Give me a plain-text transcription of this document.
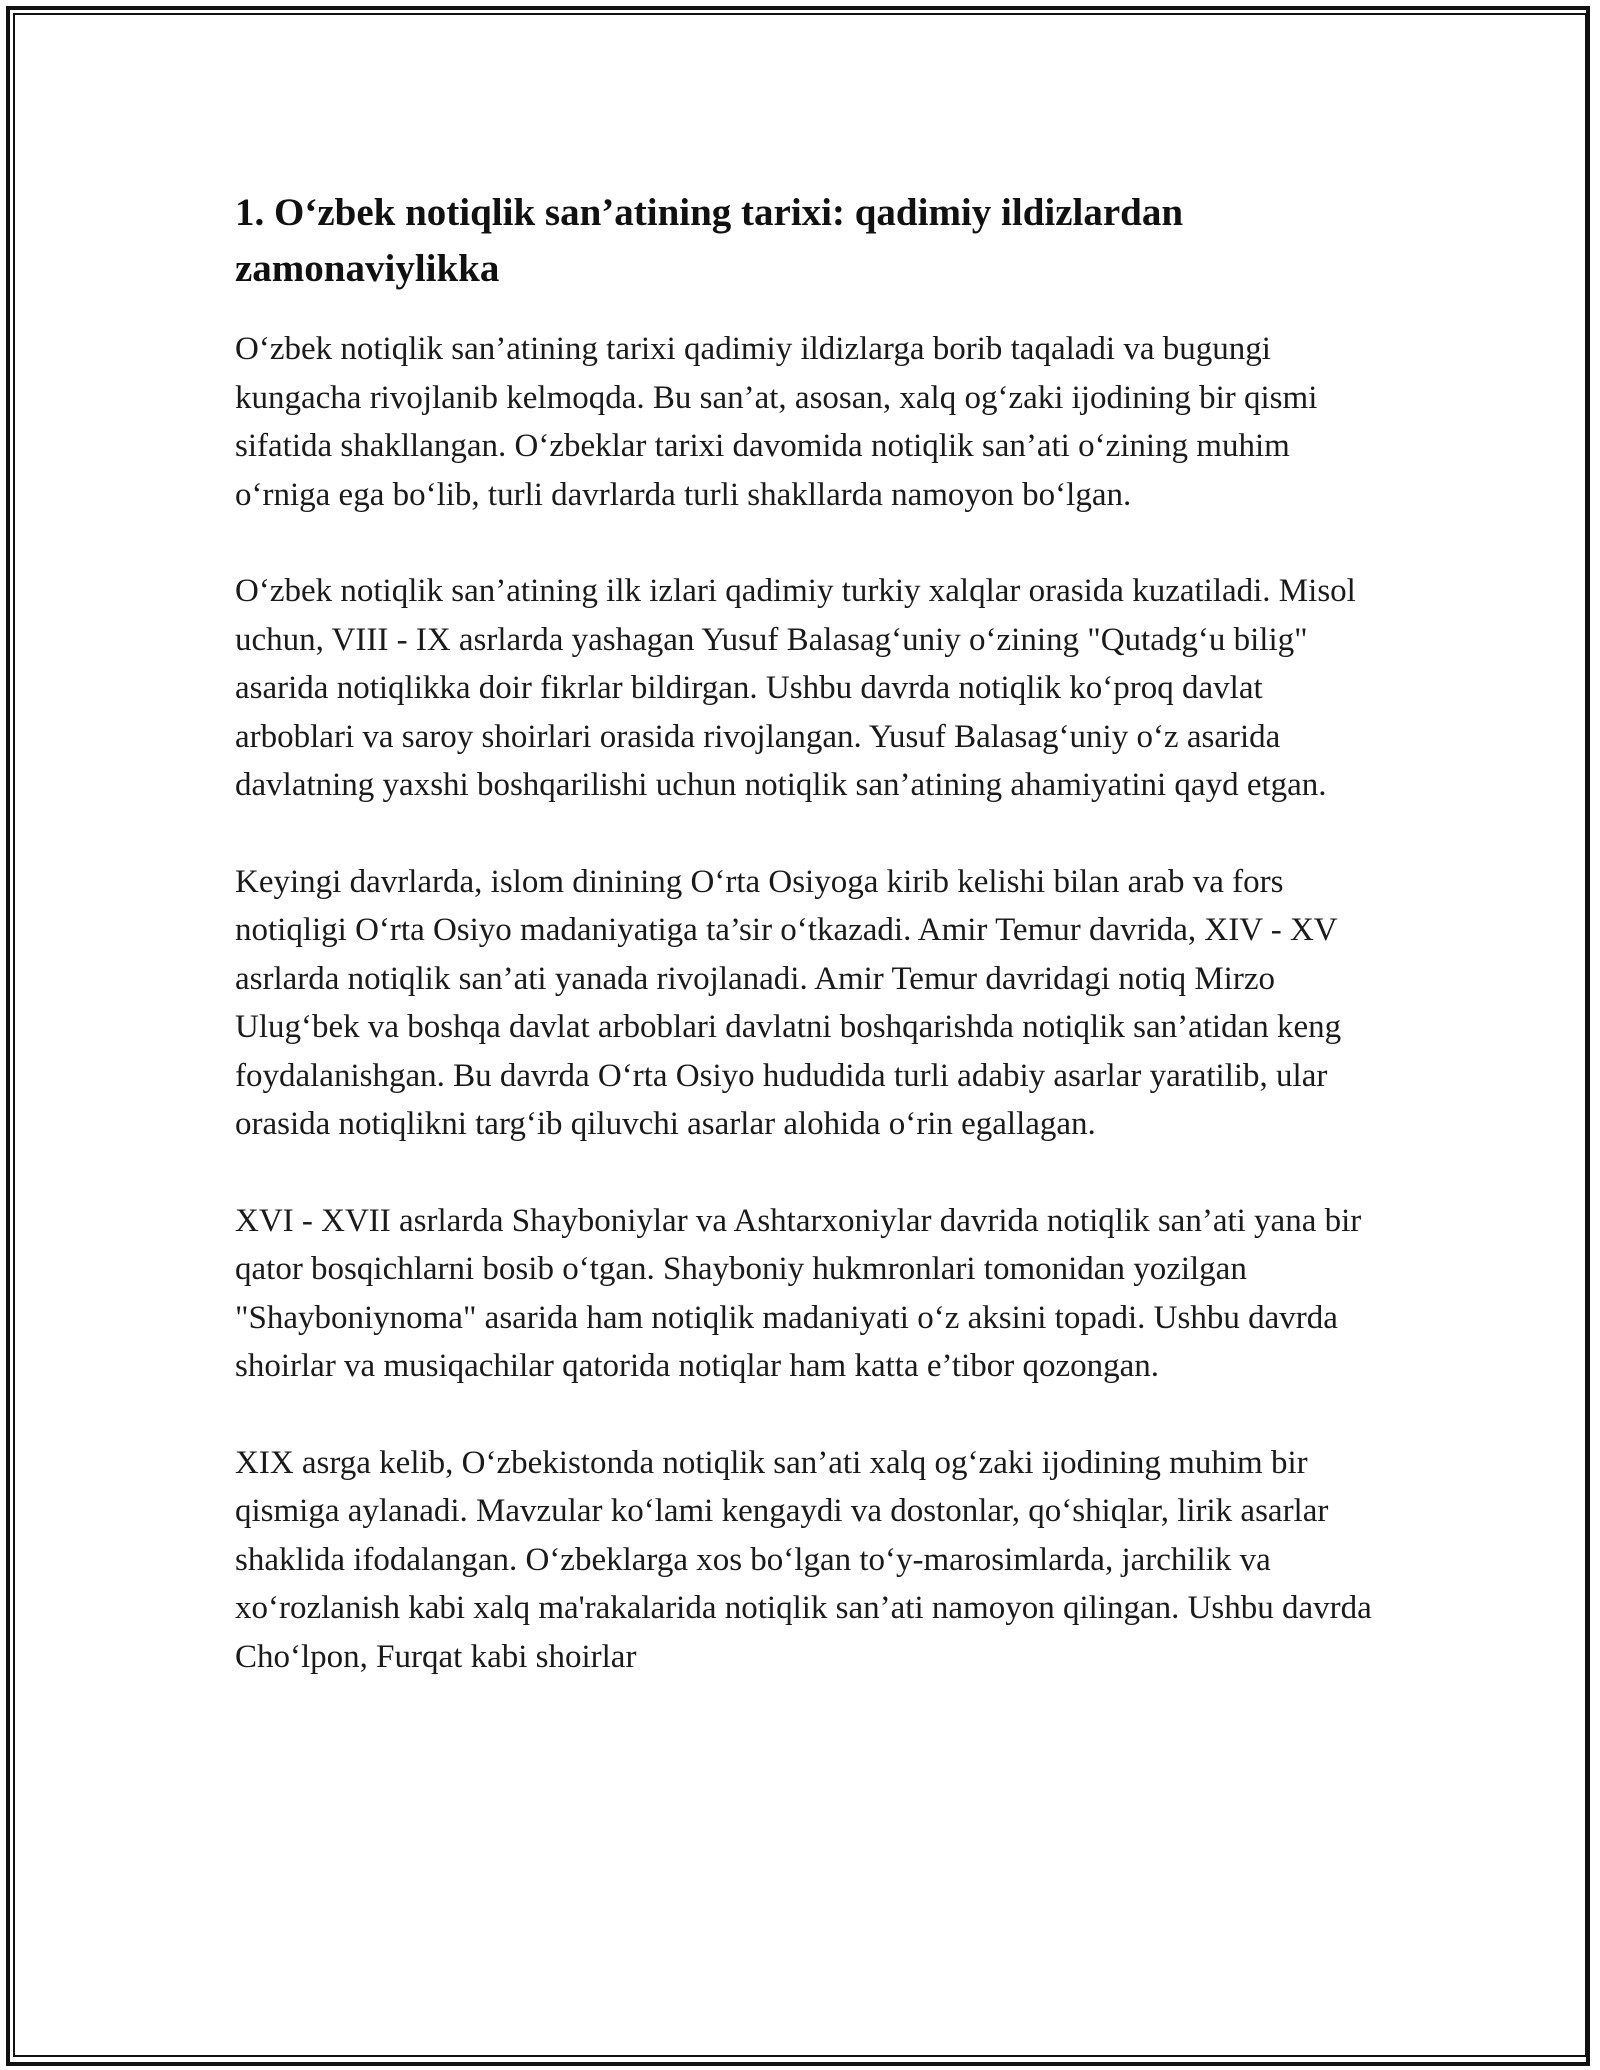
1. O‘zbek notiqlik san’atining tarixi: qadimiy ildizlardan zamonaviylikka

O‘zbek notiqlik san’atining tarixi qadimiy ildizlarga borib taqaladi va bugungi kungacha rivojlanib kelmoqda. Bu san’at, asosan, xalq og‘zaki ijodining bir qismi sifatida shakllangan. O‘zbeklar tarixi davomida notiqlik san’ati o‘zining muhim o‘rniga ega bo‘lib, turli davrlarda turli shakllarda namoyon bo‘lgan.

O‘zbek notiqlik san’atining ilk izlari qadimiy turkiy xalqlar orasida kuzatiladi. Misol uchun, VIII - IX asrlarda yashagan Yusuf Balasag‘uniy o‘zining "Qutadg‘u bilig" asarida notiqlikka doir fikrlar bildirgan. Ushbu davrda notiqlik ko‘proq davlat arboblari va saroy shoirlari orasida rivojlangan. Yusuf Balasag‘uniy o‘z asarida davlatning yaxshi boshqarilishi uchun notiqlik san’atining ahamiyatini qayd etgan.

Keyingi davrlarda, islom dinining O‘rta Osiyoga kirib kelishi bilan arab va fors notiqligi O‘rta Osiyo madaniyatiga ta’sir o‘tkazadi. Amir Temur davrida, XIV - XV asrlarda notiqlik san’ati yanada rivojlanadi. Amir Temur davridagi notiq Mirzo Ulug‘bek va boshqa davlat arboblari davlatni boshqarishda notiqlik san’atidan keng foydalanishgan. Bu davrda O‘rta Osiyo hududida turli adabiy asarlar yaratilib, ular orasida notiqlikni targ‘ib qiluvchi asarlar alohida o‘rin egallagan.

XVI - XVII asrlarda Shayboniylar va Ashtarxoniylar davrida notiqlik san’ati yana bir qator bosqichlarni bosib o‘tgan. Shayboniy hukmronlari tomonidan yozilgan "Shayboniynoma" asarida ham notiqlik madaniyati o‘z aksini topadi. Ushbu davrda shoirlar va musiqachilar qatorida notiqlar ham katta e’tibor qozongan.

XIX asrga kelib, O‘zbekistonda notiqlik san’ati xalq og‘zaki ijodining muhim bir qismiga aylanadi. Mavzular ko‘lami kengaydi va dostonlar, qo‘shiqlar, lirik asarlar shaklida ifodalangan. O‘zbeklarga xos bo‘lgan to‘y-marosimlarda, jarchilik va xo‘rozlanish kabi xalq ma'rakalarida notiqlik san’ati namoyon qilingan. Ushbu davrda Cho‘lpon, Furqat kabi shoirlar
